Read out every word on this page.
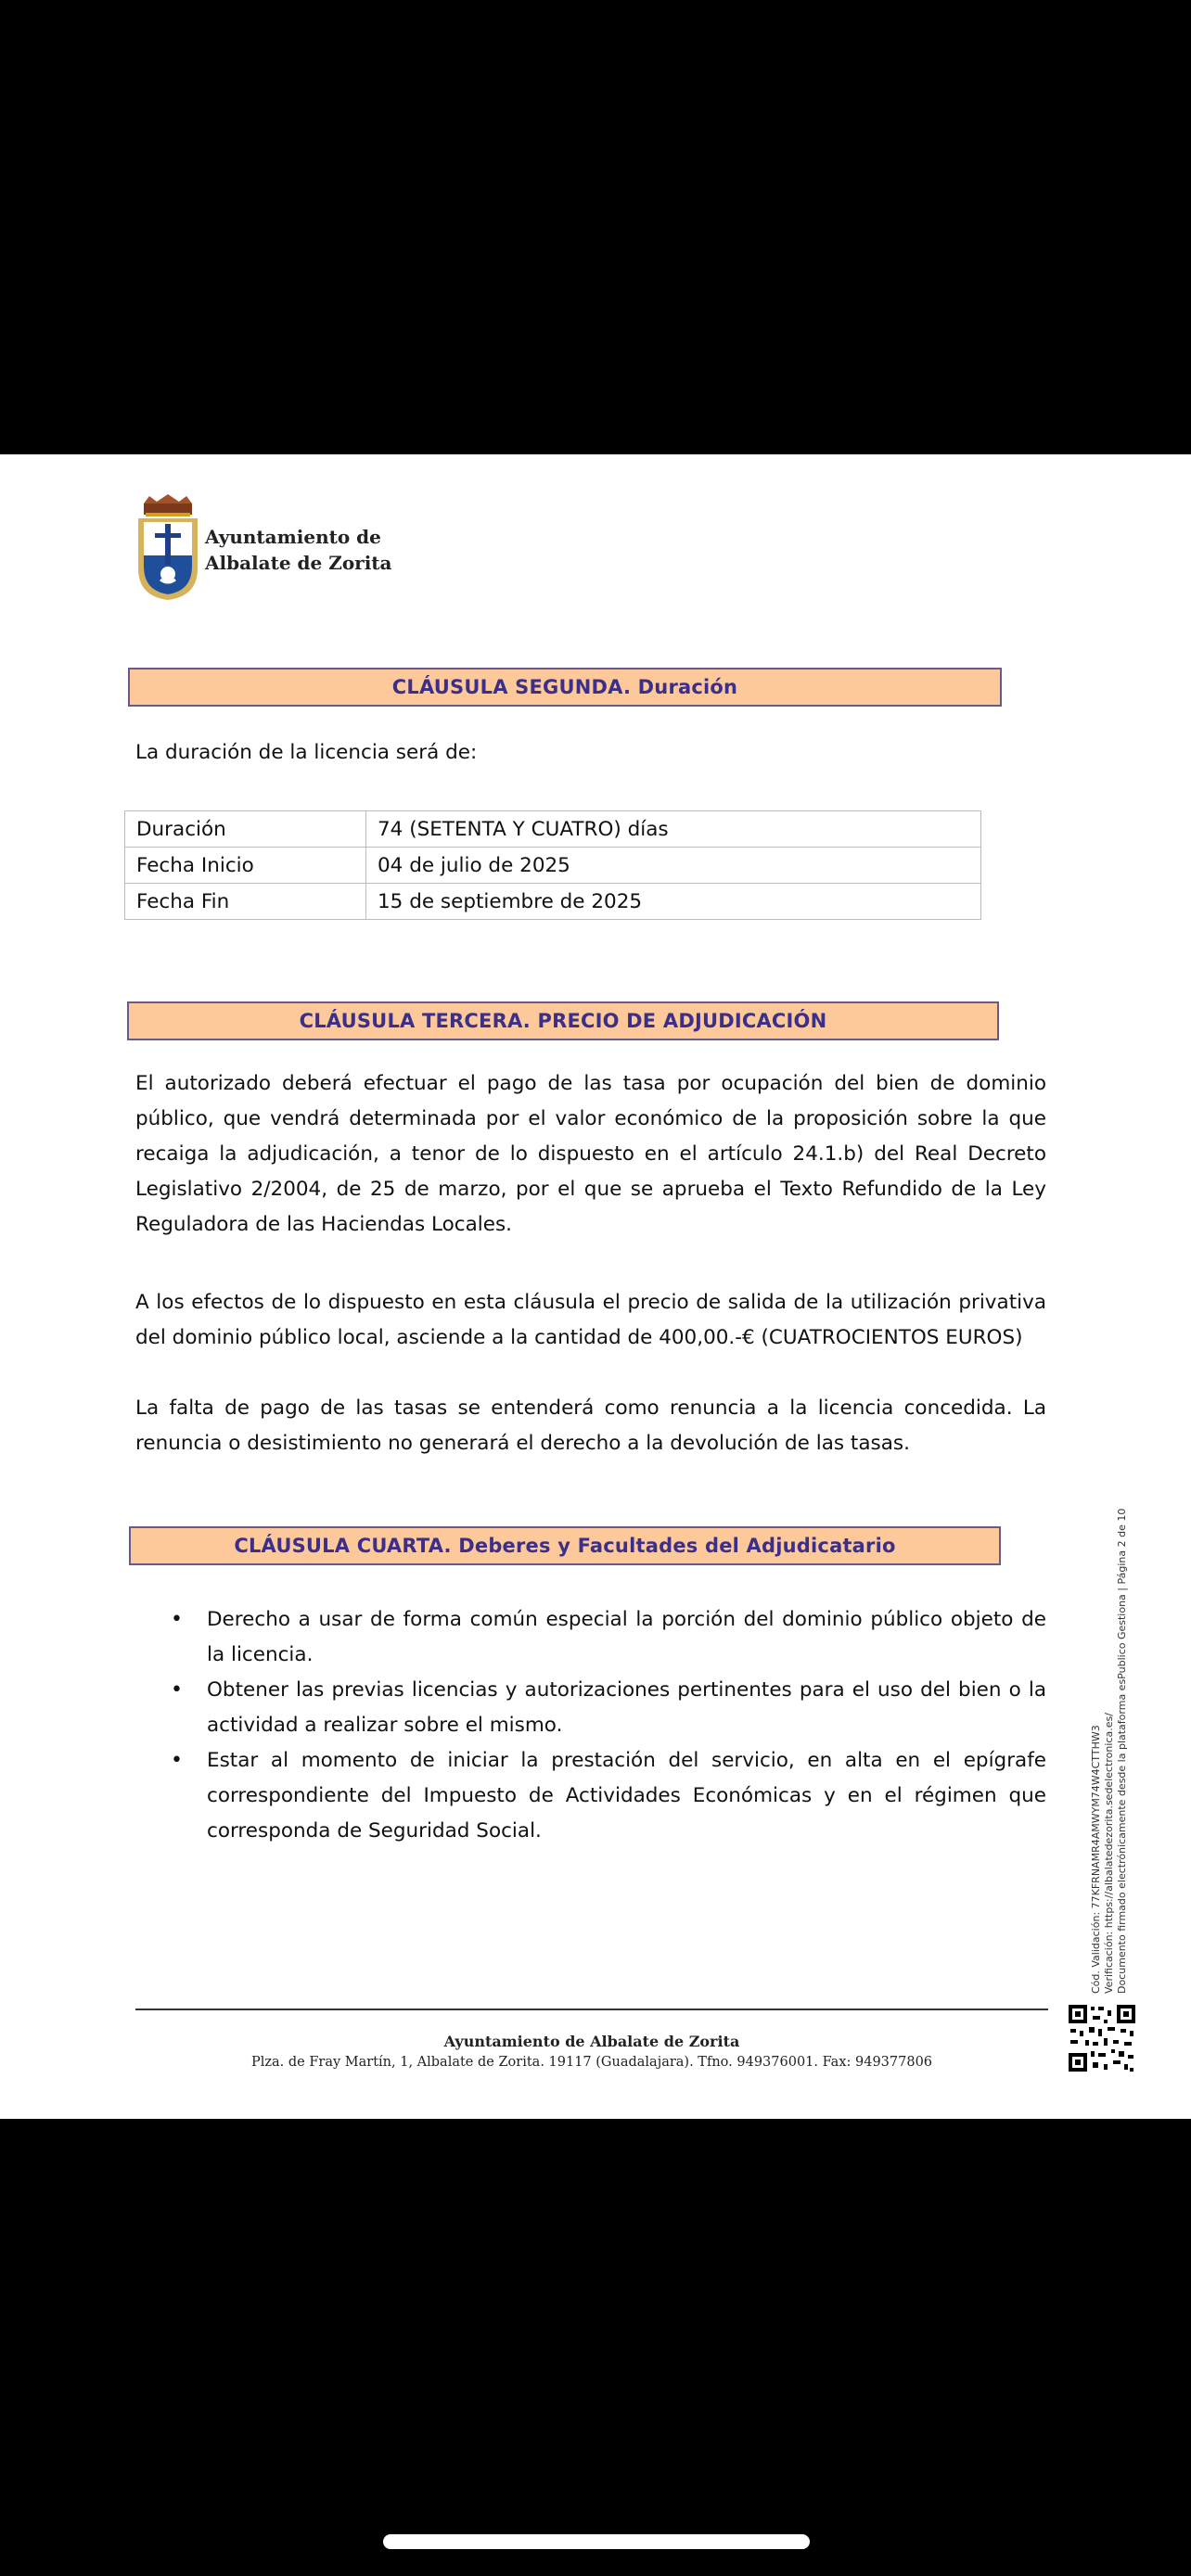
Ayuntamiento de
Albalate de Zorita
CLÁUSULA SEGUNDA. Duración
La duración de la licencia será de:
Duración	74 (SETENTA Y CUATRO) días
Fecha Inicio	04 de julio de 2025
Fecha Fin	15 de septiembre de 2025
CLÁUSULA TERCERA. PRECIO DE ADJUDICACIÓN
El autorizado deberá efectuar el pago de las tasa por ocupación del bien de dominio público, que vendrá determinada por el valor económico de la proposición sobre la que recaiga la adjudicación, a tenor de lo dispuesto en el artículo 24.1.b) del Real Decreto Legislativo 2/2004, de 25 de marzo, por el que se aprueba el Texto Refundido de la Ley Reguladora de las Haciendas Locales.
A los efectos de lo dispuesto en esta cláusula el precio de salida de la utilización privativa del dominio público local, asciende a la cantidad de 400,00.-€ (CUATROCIENTOS EUROS)
La falta de pago de las tasas se entenderá como renuncia a la licencia concedida. La renuncia o desistimiento no generará el derecho a la devolución de las tasas.
CLÁUSULA CUARTA. Deberes y Facultades del Adjudicatario
• Derecho a usar de forma común especial la porción del dominio público objeto de la licencia.
• Obtener las previas licencias y autorizaciones pertinentes para el uso del bien o la actividad a realizar sobre el mismo.
• Estar al momento de iniciar la prestación del servicio, en alta en el epígrafe correspondiente del Impuesto de Actividades Económicas y en el régimen que corresponda de Seguridad Social.	Cód. Validación: 77KFRNAMR4AMWYM74W4CTTHW3 Verificación: https://albalatedezorita.sedelectronica.es/ Documento firmado electrónicamente desde la plataforma esPublico Gestiona | Página 2 de 10
Ayuntamiento de Albalate de Zorita
Plza. de Fray Martín, 1, Albalate de Zorita. 19117 (Guadalajara). Tfno. 949376001. Fax: 949377806
